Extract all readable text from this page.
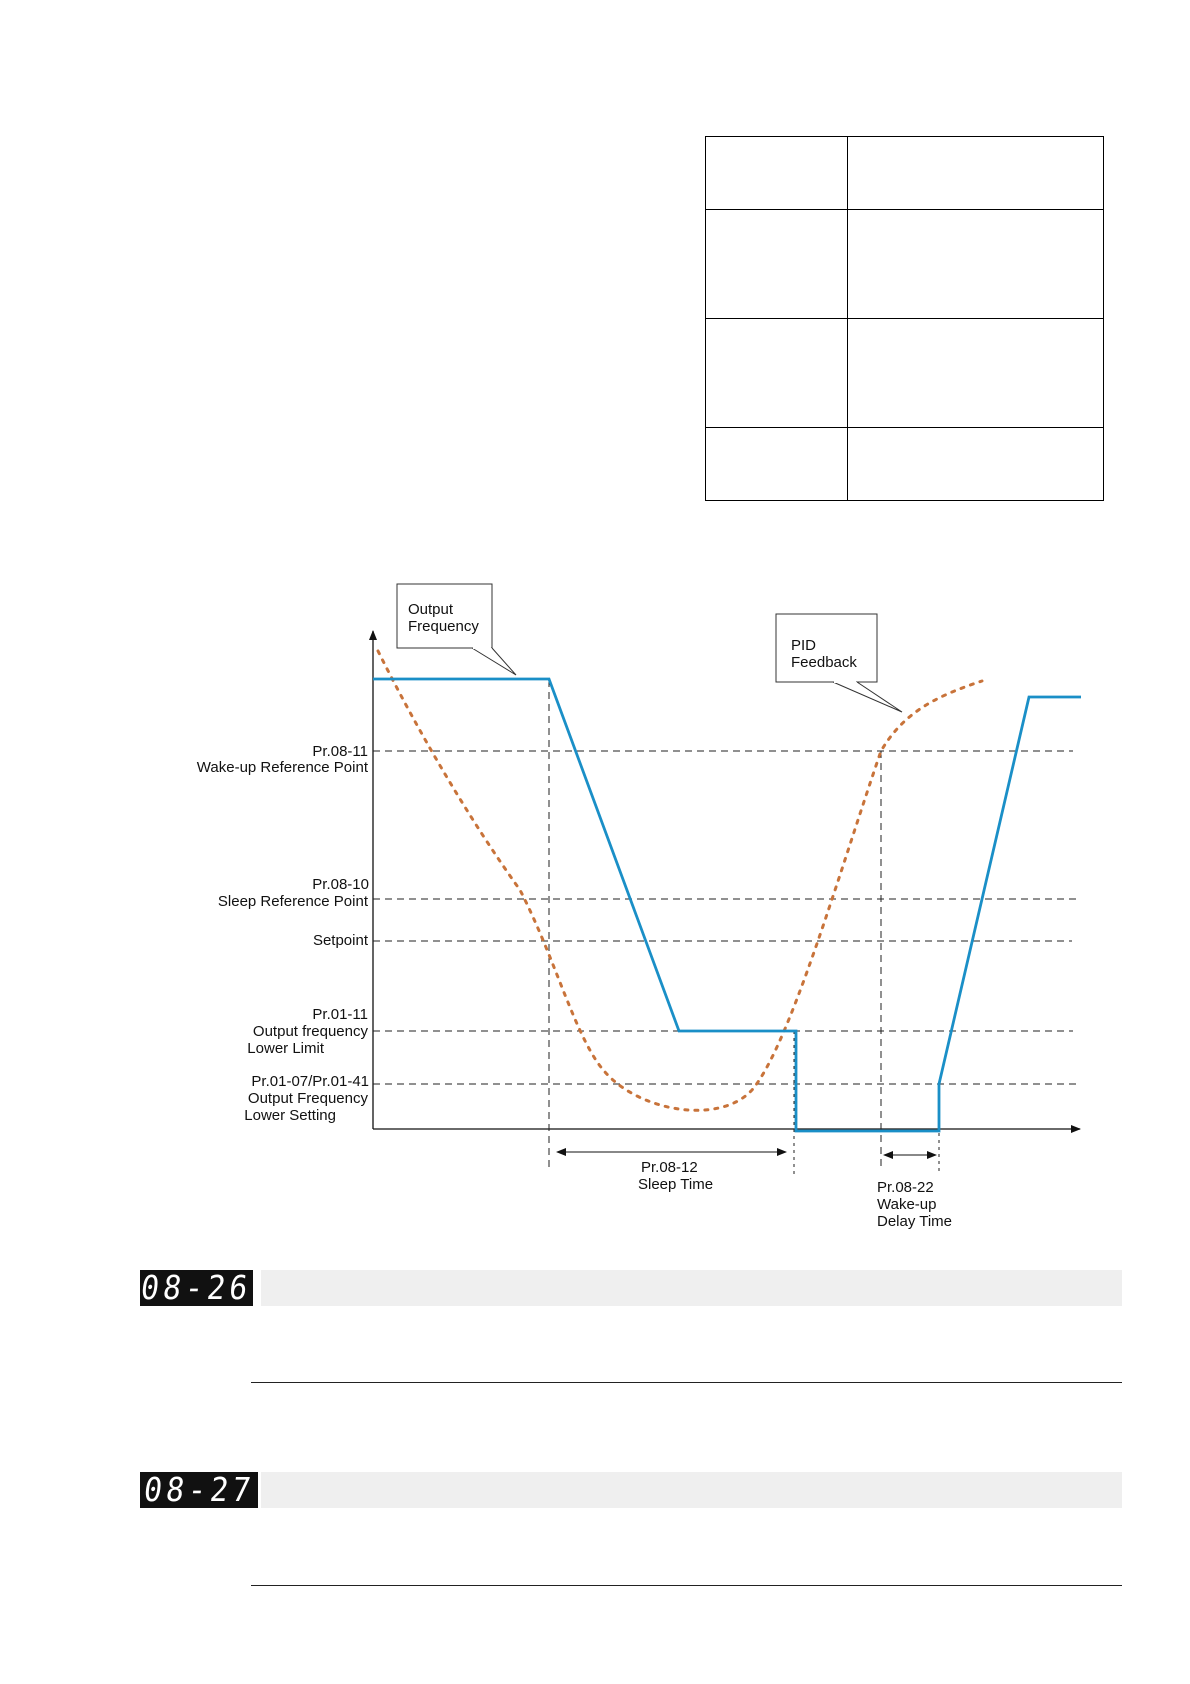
Output
Frequency
PID
Feedback
Pr.08-11
Wake-up Reference Point
Pr.08-10
Sleep Reference Point
Setpoint
Pr.01-11
Output frequency
Lower Limit
Pr.01-07/Pr.01-41
Output Frequency
Lower Setting
Pr.08-12
Sleep Time	Pr.08-22
Wake-up
Delay Time
08-26
08-27
